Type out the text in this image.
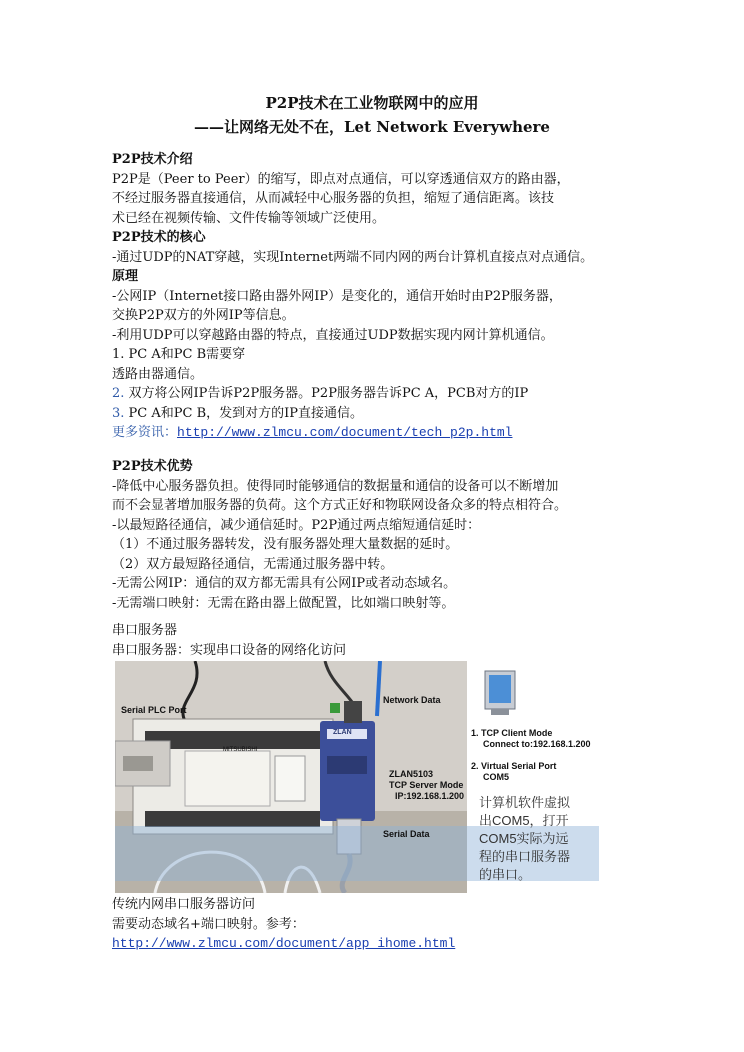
P2P技术在工业物联网中的应用
——让网络无处不在，Let Network Everywhere
P2P技术介绍
P2P是（Peer to Peer）的缩写，即点对点通信，可以穿透通信双方的路由器，
不经过服务器直接通信，从而减轻中心服务器的负担，缩短了通信距离。该技
术已经在视频传输、文件传输等领域广泛使用。
P2P技术的核心
-通过UDP的NAT穿越，实现Internet两端不同内网的两台计算机直接点对点通信。
原理
-公网IP（Internet接口路由器外网IP）是变化的，通信开始时由P2P服务器，
交换P2P双方的外网IP等信息。
-利用UDP可以穿越路由器的特点，直接通过UDP数据实现内网计算机通信。
1. PC A和PC B需要穿
透路由器通信。
2. 双方将公网IP告诉P2P服务器。P2P服务器告诉PC A，PCB对方的IP
3. PC A和PC B，发到对方的IP直接通信。
更多资讯：http://www.zlmcu.com/document/tech_p2p.html
P2P技术优势
-降低中心服务器负担。使得同时能够通信的数据量和通信的设备可以不断增加
而不会显著增加服务器的负荷。这个方式正好和物联网设备众多的特点相符合。
-以最短路径通信，减少通信延时。P2P通过两点缩短通信延时：
（1）不通过服务器转发，没有服务器处理大量数据的延时。
（2）双方最短路径通信，无需通过服务器中转。
-无需公网IP：通信的双方都无需具有公网IP或者动态域名。
-无需端口映射：无需在路由器上做配置，比如端口映射等。
串口服务器
串口服务器：实现串口设备的网络化访问
Serial PLC Port
MITSUBISHI
Network Data
ZLAN
ZLAN5103
TCP Server Mode
IP:192.168.1.200
Serial Data
1. TCP Client Mode
Connect to:192.168.1.200
2. Virtual Serial Port
COM5
计算机软件虚拟
出COM5，打开
COM5实际为远
程的串口服务器
的串口。
传统内网串口服务器访问
需要动态域名+端口映射。参考：
http://www.zlmcu.com/document/app_ihome.html
